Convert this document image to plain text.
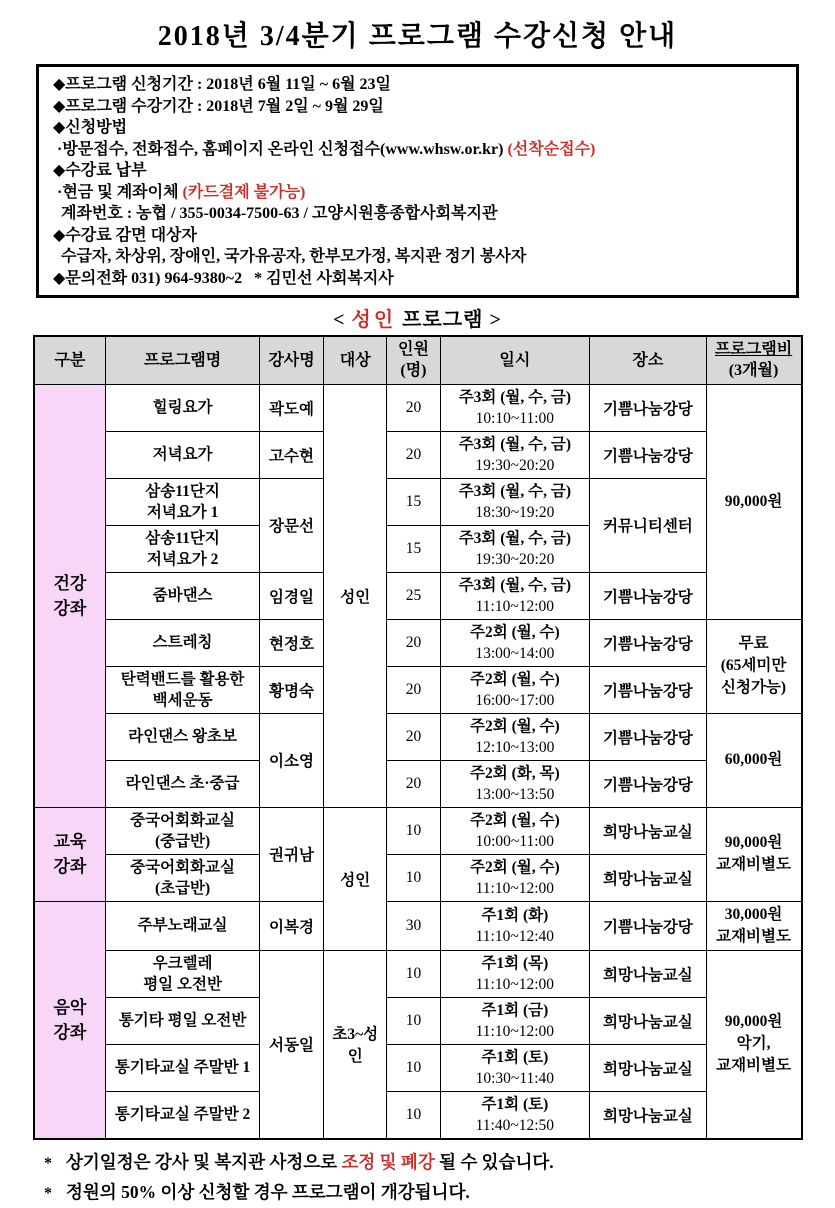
2018년 3/4분기 프로그램 수강신청 안내
◆프로그램 신청기간 : 2018년 6월 11일 ~ 6월 23일
◆프로그램 수강기간 : 2018년 7월 2일 ~ 9월 29일
◆신청방법
·방문접수, 전화접수, 홈페이지 온라인 신청접수(www.whsw.or.kr) (선착순접수)
◆수강료 납부
·현금 및 계좌이체 (카드결제 불가능)
계좌번호 : 농협 / 355-0034-7500-63 / 고양시원흥종합사회복지관
◆수강료 감면 대상자
수급자, 차상위, 장애인, 국가유공자, 한부모가정, 복지관 정기 봉사자
◆문의전화 031) 964-9380~2   * 김민선 사회복지사
< 성인 프로그램 >
구분	프로그램명	강사명	대상	인원
(명)	일시	장소	프로그램비
(3개월)
건강
강좌	힐링요가	곽도예	성인	20	주3회 (월, 수, 금)
10:10~11:00	기쁨나눔강당	90,000원
	저녁요가	고수현		20	주3회 (월, 수, 금)
19:30~20:20	기쁨나눔강당	
	삼송11단지
저녁요가 1	장문선		15	주3회 (월, 수, 금)
18:30~19:20	커뮤니티센터	
	삼송11단지
저녁요가 2			15	주3회 (월, 수, 금)
19:30~20:20		

	줌바댄스	임경일		25	주3회 (월, 수, 금)
11:10~12:00	기쁨나눔강당	
	스트레칭	현정호		20	주2회 (월, 수)
13:00~14:00	기쁨나눔강당	무료
(65세미만
신청가능)
	탄력밴드를 활용한
백세운동	황명숙		20	주2회 (월, 수)
16:00~17:00	기쁨나눔강당	
	라인댄스 왕초보	이소영		20	주2회 (월, 수)
12:10~13:00	기쁨나눔강당	60,000원
	라인댄스 초·중급			20	주2회 (화, 목)
13:00~13:50	기쁨나눔강당	
교육
강좌	중국어회화교실
(중급반)	권귀남	성인	10	주2회 (월, 수)
10:00~11:00	희망나눔교실	90,000원
교재비별도
	중국어회화교실
(초급반)			10	주2회 (월, 수)
11:10~12:00	희망나눔교실	
음악
강좌	주부노래교실	이복경		30	주1회 (화)
11:10~12:40	기쁨나눔강당	30,000원
교재비별도
	우크렐레
평일 오전반	서동일	초3~성인	10	주1회 (목)
11:10~12:00	희망나눔교실	90,000원
악기,
교재비별도
	통기타 평일 오전반			10	주1회 (금)
11:10~12:00	희망나눔교실	
	통기타교실 주말반 1			10	주1회 (토)
10:30~11:40	희망나눔교실	
	통기타교실 주말반 2			10	주1회 (토)
11:40~12:50	희망나눔교실	
* 상기일정은 강사 및 복지관 사정으로 조정 및 폐강 될 수 있습니다.
* 정원의 50% 이상 신청할 경우 프로그램이 개강됩니다.
